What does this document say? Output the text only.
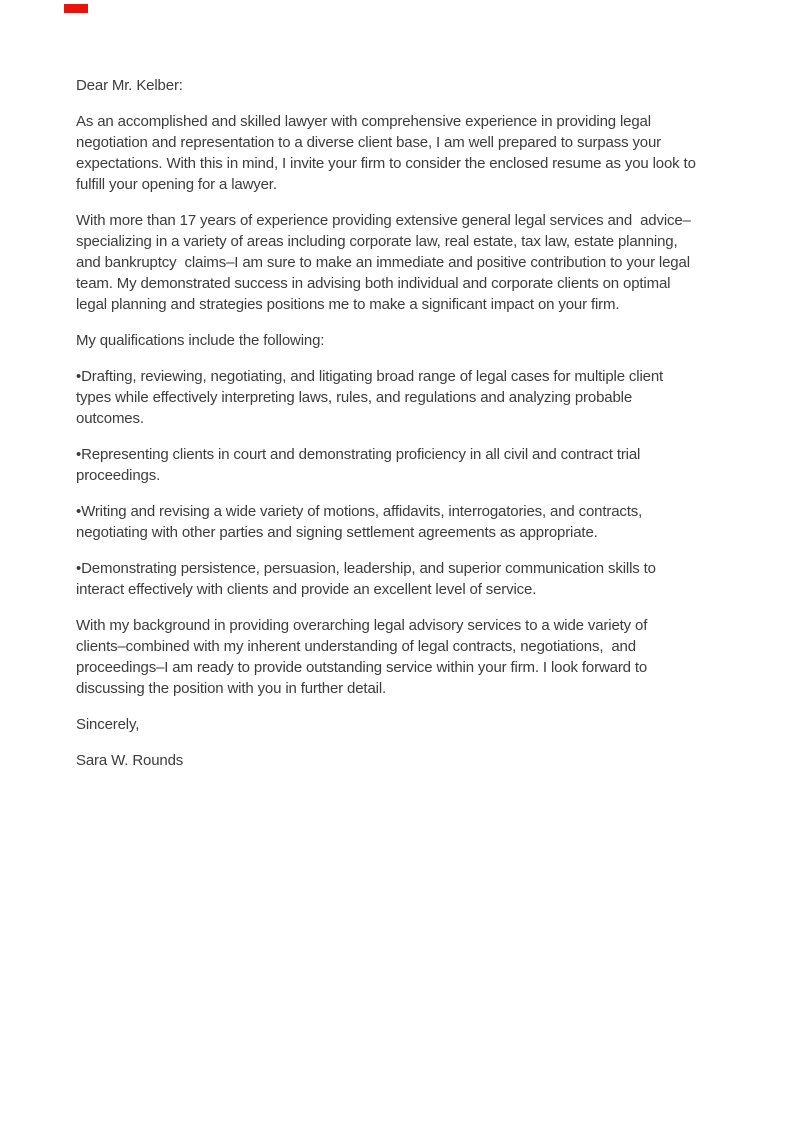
Dear Mr. Kelber:

As an accomplished and skilled lawyer with comprehensive experience in providing legal negotiation and representation to a diverse client base, I am well prepared to surpass your expectations. With this in mind, I invite your firm to consider the enclosed resume as you look to fulfill your opening for a lawyer.

With more than 17 years of experience providing extensive general legal services and  advice– specializing in a variety of areas including corporate law, real estate, tax law, estate planning, and bankruptcy  claims–I am sure to make an immediate and positive contribution to your legal team. My demonstrated success in advising both individual and corporate clients on optimal legal planning and strategies positions me to make a significant impact on your firm.

My qualifications include the following:

•Drafting, reviewing, negotiating, and litigating broad range of legal cases for multiple client types while effectively interpreting laws, rules, and regulations and analyzing probable outcomes.

•Representing clients in court and demonstrating proficiency in all civil and contract trial proceedings.

•Writing and revising a wide variety of motions, affidavits, interrogatories, and contracts, negotiating with other parties and signing settlement agreements as appropriate.

•Demonstrating persistence, persuasion, leadership, and superior communication skills to interact effectively with clients and provide an excellent level of service.

With my background in providing overarching legal advisory services to a wide variety of clients–combined with my inherent understanding of legal contracts, negotiations,  and  proceedings–I am ready to provide outstanding service within your firm. I look forward to discussing the position with you in further detail.

Sincerely,

Sara W. Rounds
